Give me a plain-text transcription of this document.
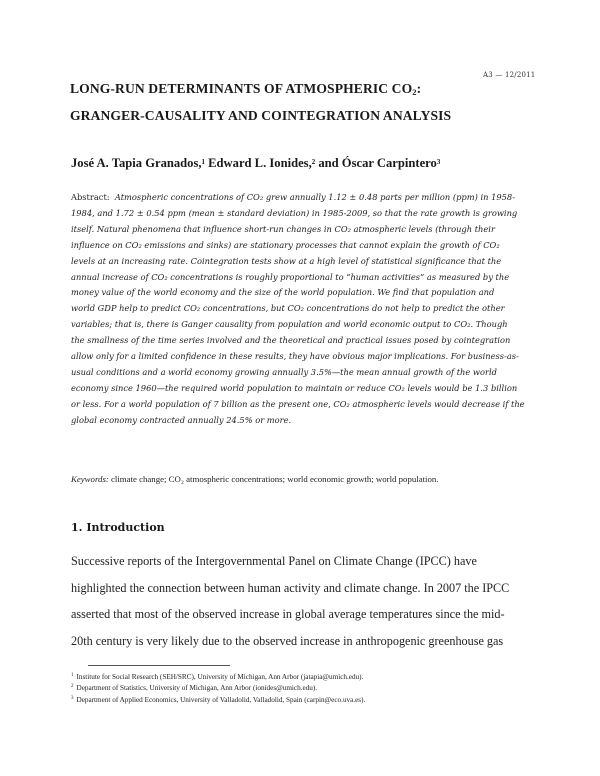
A3 — 12/2011
LONG-RUN DETERMINANTS OF ATMOSPHERIC $CO_2$:
GRANGER-CAUSALITY AND COINTEGRATION ANALYSIS
José A. Tapia Granados,$^1$ Edward L. Ionides,$^2$ and Óscar Carpintero$^3$
Abstract: Atmospheric concentrations of CO₂ grew annually 1.12 ± 0.48 parts per million (ppm) in 1958-
1984, and 1.72 ± 0.54 ppm (mean ± standard deviation) in 1985-2009, so that the rate growth is growing
itself. Natural phenomena that influence short-run changes in CO₂ atmospheric levels (through their
influence on CO₂ emissions and sinks) are stationary processes that cannot explain the growth of CO₂
levels at an increasing rate. Cointegration tests show at a high level of statistical significance that the
annual increase of CO₂ concentrations is roughly proportional to “human activities” as measured by the
money value of the world economy and the size of the world population. We find that population and
world GDP help to predict CO₂ concentrations, but CO₂ concentrations do not help to predict the other
variables; that is, there is Ganger causality from population and world economic output to CO₂. Though
the smallness of the time series involved and the theoretical and practical issues posed by cointegration
allow only for a limited confidence in these results, they have obvious major implications. For business-as-
usual conditions and a world economy growing annually 3.5%—the mean annual growth of the world
economy since 1960—the required world population to maintain or reduce CO₂ levels would be 1.3 billion
or less. For a world population of 7 billion as the present one, CO₂ atmospheric levels would decrease if the
global economy contracted annually 24.5% or more.
Keywords: climate change; CO₂ atmospheric concentrations; world economic growth; world population.
1. Introduction
Successive reports of the Intergovernmental Panel on Climate Change (IPCC) have
highlighted the connection between human activity and climate change. In 2007 the IPCC
asserted that most of the observed increase in global average temperatures since the mid-
20th century is very likely due to the observed increase in anthropogenic greenhouse gas
$^1$ Institute for Social Research (SEH/SRC), University of Michigan, Ann Arbor (jatapia@umich.edu).
$^2$ Department of Statistics, University of Michigan, Ann Arbor (ionides@umich.edu).
$^3$ Department of Applied Economics, University of Valladolid, Valladolid, Spain (carpin@eco.uva.es).
